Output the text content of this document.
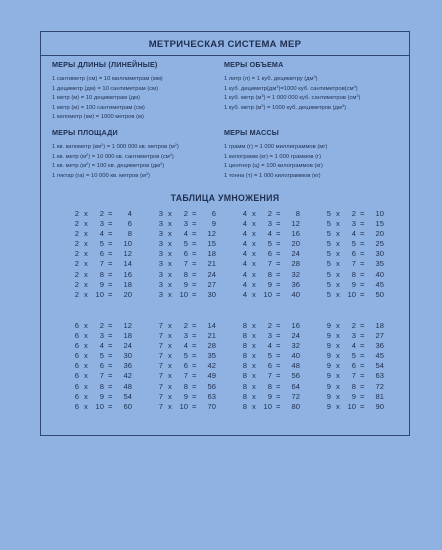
МЕТРИЧЕСКАЯ СИСТЕМА МЕР
МЕРЫ ДЛИНЫ (ЛИНЕЙНЫЕ)
1 сантиметр (см) = 10 миллиметрам (мм)
1 дециметр (дм) = 10 сантиметрам (см)
1 метр (м) = 10 дециметрам (дм)
1 метр (м) = 100 сантиметрам (см)
1 километр (км) = 1000 метров (м)
МЕРЫ ОБЪЕМА
1 литр (л) = 1 куб. дециметру $(дм^3)$
1 куб. $дециметр(дм^3)=1000$ куб. $сантиметров(см^3)$
1 куб. метр $(м^3) = 1$ 000 000 куб. сантиметров $(см^3)$
1 куб. метр $(м^3) = 1000$ куб. дециметров $(дм^3)$
МЕРЫ ПЛОЩАДИ
1 кв. километр $(км^2) = 1$ 000 000 кв. метров $(м^2)$
1 кв. метр $(м^2) = 10$ 000 кв. сантиметров $(см^2)$
1 кв. метр $(м^2) = 100$ кв. дециметров $(дм^2)$
1 гектар (га) = 10 000 кв. метров $(м^2)$
МЕРЫ МАССЫ
1 грамм (г) = 1 000 миллиграммов (мг)
1 килограмм (кг) = 1 000 граммов (г)
1 центнер (ц) = 100 килограммов (кг)
1 тонна (т) = 1 000 килограммов (кг)
ТАБЛИЦА УМНОЖЕНИЯ
2 x	2 =	4
2 x	3 =	6
2 x	4 =	8
2 x	5 =	10
2 x	6 =	12
2 x	7 =	14
2 x	8 =	16
2 x	9 =	18
2 x	10 =	20
3 x	2 =	6
3 x	3 =	9
3 x	4 =	12
3 x	5 =	15
3 x	6 =	18
3 x	7 =	21
3 x	8 =	24
3 x	9 =	27
3 x	10 =	30
4 x	2 =	8
4 x	3 =	12
4 x	4 =	16
4 x	5 =	20
4 x	6 =	24
4 x	7 =	28
4 x	8 =	32
4 x	9 =	36
4 x	10 =	40
5 x	2 =	10
5 x	3 =	15
5 x	4 =	20
5 x	5 =	25
5 x	6 =	30
5 x	7 =	35
5 x	8 =	40
5 x	9 =	45
5 x	10 =	50
6 x	2 =	12
6 x	3 =	18
6 x	4 =	24
6 x	5 =	30
6 x	6 =	36
6 x	7 =	42
6 x	8 =	48
6 x	9 =	54
6 x	10 =	60
7 x	2 =	14
7 x	3 =	21
7 x	4 =	28
7 x	5 =	35
7 x	6 =	42
7 x	7 =	49
7 x	8 =	56
7 x	9 =	63
7 x	10 =	70
8 x	2 =	16
8 x	3 =	24
8 x	4 =	32
8 x	5 =	40
8 x	6 =	48
8 x	7 =	56
8 x	8 =	64
8 x	9 =	72
8 x	10 =	80
9 x	2 =	18
9 x	3 =	27
9 x	4 =	36
9 x	5 =	45
9 x	6 =	54
9 x	7 =	63
9 x	8 =	72
9 x	9 =	81
9 x	10 =	90
